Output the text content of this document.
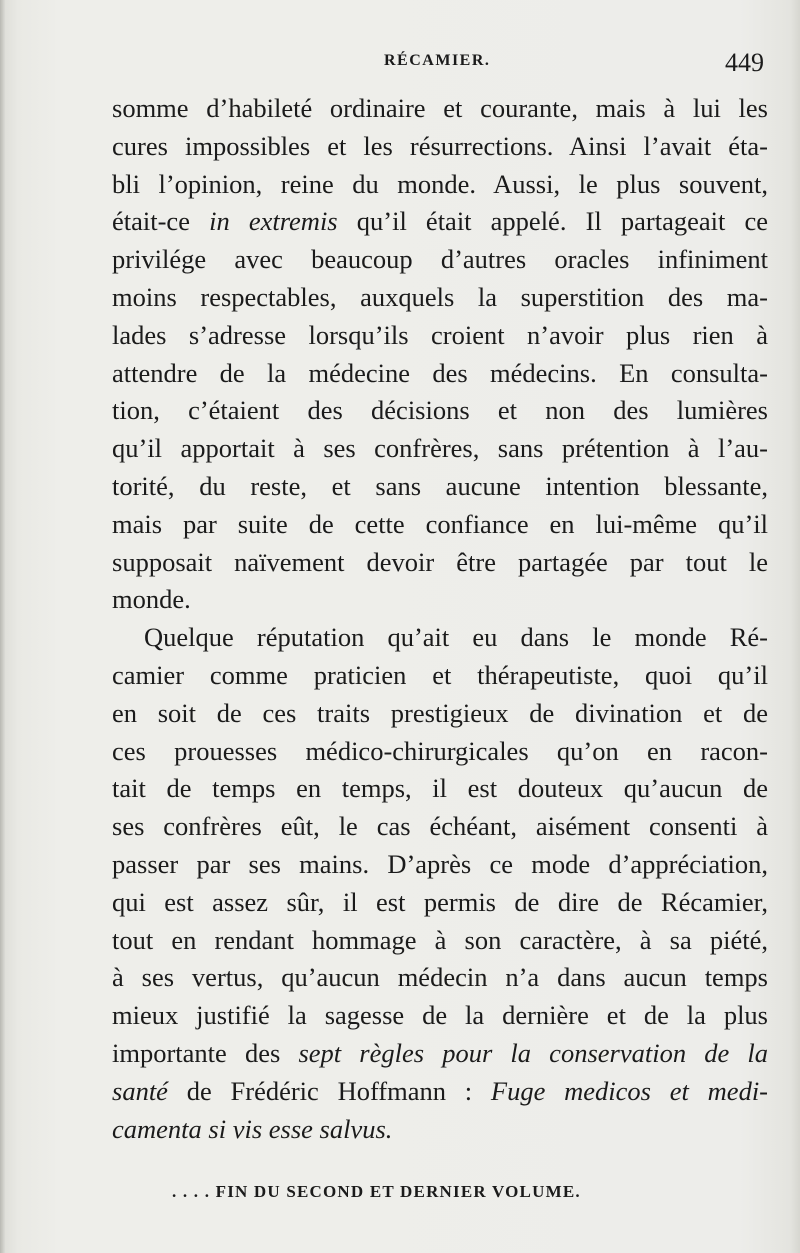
RÉCAMIER.	449
somme d’habileté ordinaire et courante, mais à lui les
cures impossibles et les résurrections. Ainsi l’avait éta-
bli l’opinion, reine du monde. Aussi, le plus souvent,
était-ce in extremis qu’il était appelé. Il partageait ce
privilége avec beaucoup d’autres oracles infiniment
moins respectables, auxquels la superstition des ma-
lades s’adresse lorsqu’ils croient n’avoir plus rien à
attendre de la médecine des médecins. En consulta-
tion, c’étaient des décisions et non des lumières
qu’il apportait à ses confrères, sans prétention à l’au-
torité, du reste, et sans aucune intention blessante,
mais par suite de cette confiance en lui-même qu’il
supposait naïvement devoir être partagée par tout le
monde.
Quelque réputation qu’ait eu dans le monde Ré-
camier comme praticien et thérapeutiste, quoi qu’il
en soit de ces traits prestigieux de divination et de
ces prouesses médico-chirurgicales qu’on en racon-
tait de temps en temps, il est douteux qu’aucun de
ses confrères eût, le cas échéant, aisément consenti à
passer par ses mains. D’après ce mode d’appréciation,
qui est assez sûr, il est permis de dire de Récamier,
tout en rendant hommage à son caractère, à sa piété,
à ses vertus, qu’aucun médecin n’a dans aucun temps
mieux justifié la sagesse de la dernière et de la plus
importante des sept règles pour la conservation de la
santé de Frédéric Hoffmann : Fuge medicos et medi-
camenta si vis esse salvus.
. . . . FIN DU SECOND ET DERNIER VOLUME.
